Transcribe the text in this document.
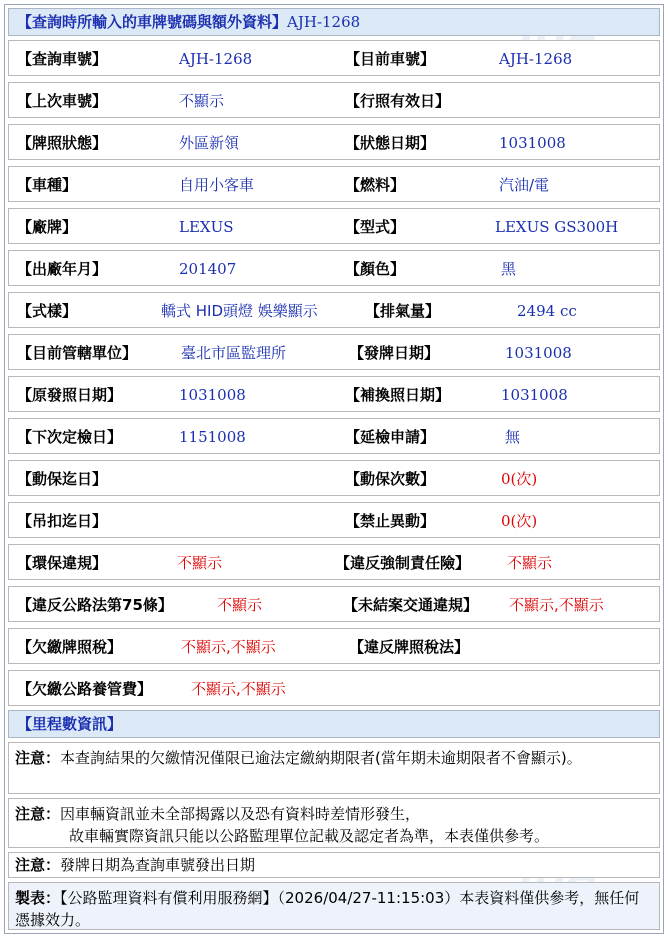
【查詢時所輸入的車牌號碼與額外資料】AJH-1268
【查詢車號】	AJH-1268	【目前車號】	AJH-1268
【上次車號】	不顯示	【行照有效日】
【牌照狀態】	外區新領	【狀態日期】	1031008
【車種】	自用小客車	【燃料】	汽油/電
【廠牌】	LEXUS	【型式】	LEXUS GS300H
【出廠年月】	201407	【顏色】	黑
【式樣】	轎式 HID頭燈 娛樂顯示	【排氣量】	2494 cc
【目前管轄單位】	臺北市區監理所	【發牌日期】	1031008
【原發照日期】	1031008	【補換照日期】	1031008
【下次定檢日】	1151008	【延檢申請】	無
【動保迄日】	【動保次數】	0(次)
【吊扣迄日】	【禁止異動】	0(次)
【環保違規】	不顯示	【違反強制責任險】 不顯示
【違反公路法第75條】	不顯示	【未結案交通違規】 不顯示,不顯示
【欠繳牌照稅】	不顯示,不顯示	【違反牌照稅法】
【欠繳公路養管費】	不顯示,不顯示
【里程數資訊】
注意：本查詢結果的欠繳情況僅限已逾法定繳納期限者(當年期未逾期限者不會顯示)。
注意：因車輛資訊並未全部揭露以及恐有資料時差情形發生，
故車輛實際資訊只能以公路監理單位記載及認定者為準，本表僅供參考。
注意：發牌日期為查詢車號發出日期
製表：【公路監理資料有償利用服務網】（2026/04/27-11:15:03）本表資料僅供參考，無任何憑據效力。
